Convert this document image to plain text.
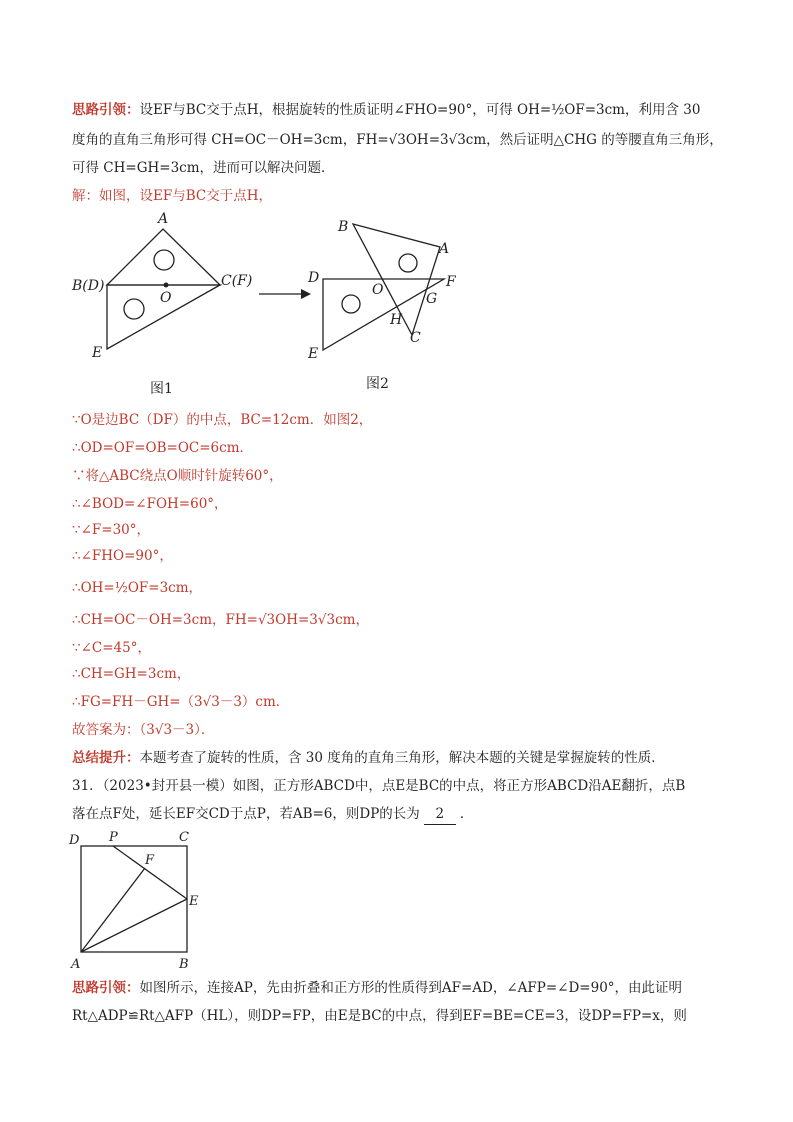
思路引领：设EF与BC交于点H，根据旋转的性质证明∠FHO=90°，可得 OH=½OF=3cm，利用含 30
度角的直角三角形可得 CH=OC－OH=3cm，FH=√3OH=3√3cm，然后证明△CHG 的等腰直角三角形，
可得 CH=GH=3cm，进而可以解决问题．
解：如图，设EF与BC交于点H，
A
B(D)	C(F)
O
E
图1
B
A
D
O	F
G
H
C
E
图2
∵O是边BC（DF）的中点，BC=12cm．如图2，
∴OD=OF=OB=OC=6cm．
∵将△ABC绕点O顺时针旋转60°，
∴∠BOD=∠FOH=60°，
∵∠F=30°，
∴∠FHO=90°，
∴OH=½OF=3cm，
∴CH=OC－OH=3cm，FH=√3OH=3√3cm，
∵∠C=45°，
∴CH=GH=3cm，
∴FG=FH－GH=（3√3－3）cm．
故答案为：（3√3－3）．
总结提升：本题考查了旋转的性质，含 30 度角的直角三角形，解决本题的关键是掌握旋转的性质．
31．（2023•封开县一模）如图，正方形ABCD中，点E是BC的中点，将正方形ABCD沿AE翻折，点B
落在点F处，延长EF交CD于点P，若AB=6，则DP的长为 2 ．
D P	C
F
E
A	B
思路引领：如图所示，连接AP，先由折叠和正方形的性质得到AF=AD，∠AFP=∠D=90°，由此证明
Rt△ADP≌Rt△AFP（HL），则DP=FP，由E是BC的中点，得到EF=BE=CE=3，设DP=FP=x，则
